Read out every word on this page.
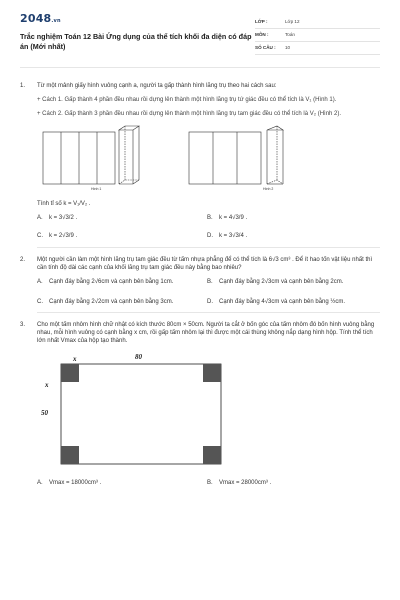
2048.vn
Trắc nghiệm Toán 12 Bài Ứng dụng của thể tích khối đa diện có đáp án (Mới nhất)
LỚP :	Lớp 12
MÔN :	Toán
SỐ CÂU :	10
1. Từ một mảnh giấy hình vuông cạnh a, người ta gấp thành hình lăng trụ theo hai cách sau:

+ Cách 1. Gấp thành 4 phần đều nhau rồi dựng lên thành một hình lăng trụ tứ giác đều có thể tích là V₁ (Hình 1).

+ Cách 2. Gấp thành 3 phần đều nhau rồi dựng lên thành một hình lăng trụ tam giác đều có thể tích là V₂ (Hình 2).

Hình 1	Hình 2

Tính tỉ số k = V₁/V₂ .

A.	k = 3√3/2 .	B.	k = 4√3/9 .
C.	k = 2√3/9 .	D.	k = 3√3/4 .
2. Một người cần làm một hình lăng trụ tam giác đều từ tấm nhựa phẳng để có thể tích là 6√3 cm³ . Để ít hao tốn vật liệu nhất thì cần tính độ dài các cạnh của khối lăng trụ tam giác đều này bằng bao nhiêu?

A.	Cạnh đáy bằng 2√6cm và cạnh bên bằng 1cm.	B.	Cạnh đáy bằng 2√3cm và cạnh bên bằng 2cm.
C.	Cạnh đáy bằng 2√2cm và cạnh bên bằng 3cm.	D.	Cạnh đáy bằng 4√3cm và cạnh bên bằng ½cm.
3. Cho một tấm nhôm hình chữ nhật có kích thước 80cm × 50cm. Người ta cắt ở bốn góc của tấm nhôm đó bốn hình vuông bằng nhau, mỗi hình vuông có cạnh bằng x cm, rồi gấp tấm nhôm lại thì được một cái thùng không nắp dạng hình hộp. Tính thể tích lớn nhất Vmax của hộp tạo thành.

x	80
x
50
A.	Vmax = 18000cm³ .	B.	Vmax = 28000cm³ .
